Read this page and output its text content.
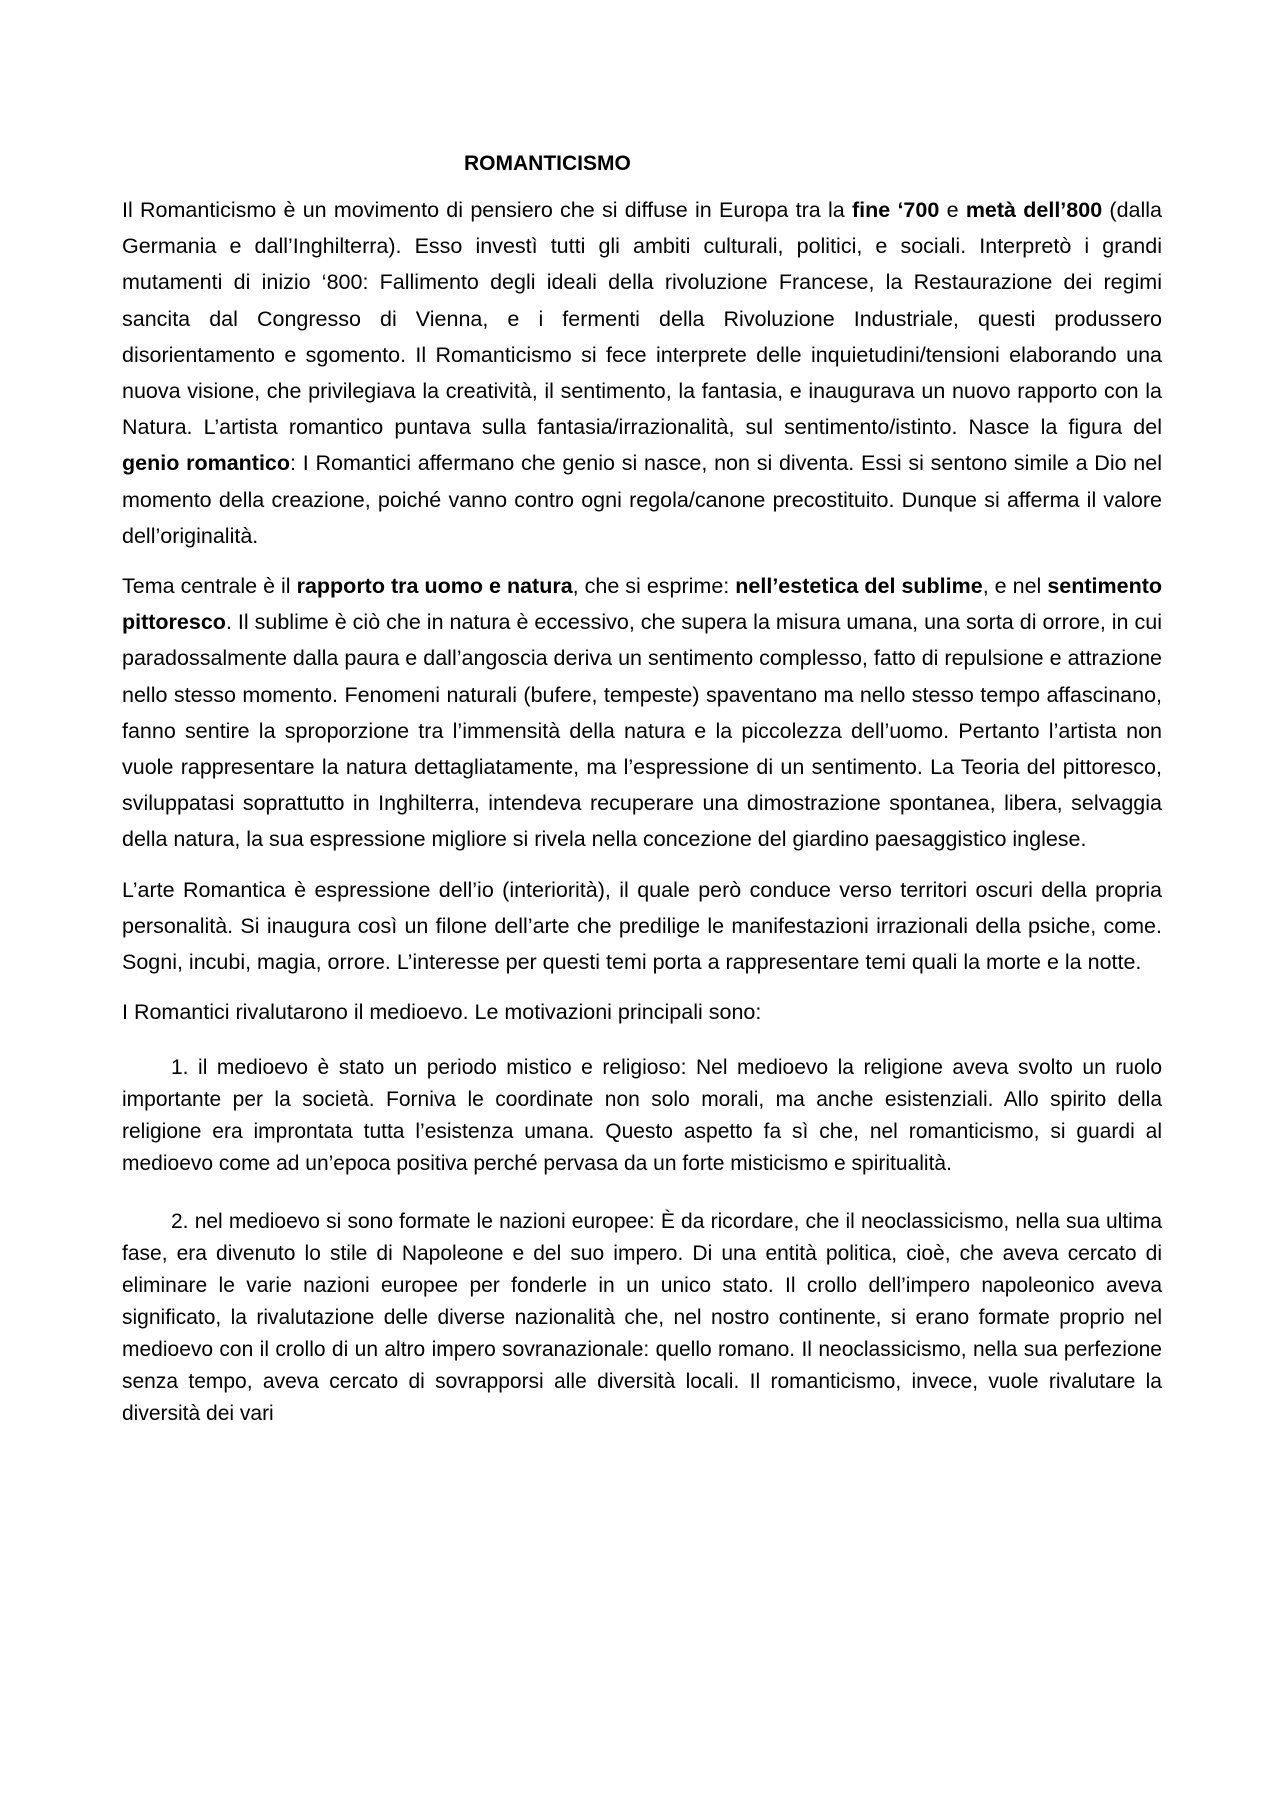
ROMANTICISMO

Il Romanticismo è un movimento di pensiero che si diffuse in Europa tra la fine ‘700 e metà dell’800 (dalla Germania e dall’Inghilterra). Esso investì tutti gli ambiti culturali, politici, e sociali. Interpretò i grandi mutamenti di inizio ‘800: Fallimento degli ideali della rivoluzione Francese, la Restaurazione dei regimi sancita dal Congresso di Vienna, e i fermenti della Rivoluzione Industriale, questi produssero disorientamento e sgomento. Il Romanticismo si fece interprete delle inquietudini/tensioni elaborando una nuova visione, che privilegiava la creatività, il sentimento, la fantasia, e inaugurava un nuovo rapporto con la Natura. L’artista romantico puntava sulla fantasia/irrazionalità, sul sentimento/istinto. Nasce la figura del genio romantico: I Romantici affermano che genio si nasce, non si diventa. Essi si sentono simile a Dio nel momento della creazione, poiché vanno contro ogni regola/canone precostituito. Dunque si afferma il valore dell’originalità.

Tema centrale è il rapporto tra uomo e natura, che si esprime: nell’estetica del sublime, e nel sentimento pittoresco. Il sublime è ciò che in natura è eccessivo, che supera la misura umana, una sorta di orrore, in cui paradossalmente dalla paura e dall’angoscia deriva un sentimento complesso, fatto di repulsione e attrazione nello stesso momento. Fenomeni naturali (bufere, tempeste) spaventano ma nello stesso tempo affascinano, fanno sentire la sproporzione tra l’immensità della natura e la piccolezza dell’uomo. Pertanto l’artista non vuole rappresentare la natura dettagliatamente, ma l’espressione di un sentimento. La Teoria del pittoresco, sviluppatasi soprattutto in Inghilterra, intendeva recuperare una dimostrazione spontanea, libera, selvaggia della natura, la sua espressione migliore si rivela nella concezione del giardino paesaggistico inglese.

L’arte Romantica è espressione dell’io (interiorità), il quale però conduce verso territori oscuri della propria personalità. Si inaugura così un filone dell’arte che predilige le manifestazioni irrazionali della psiche, come. Sogni, incubi, magia, orrore. L’interesse per questi temi porta a rappresentare temi quali la morte e la notte.

I Romantici rivalutarono il medioevo. Le motivazioni principali sono:

1. il medioevo è stato un periodo mistico e religioso: Nel medioevo la religione aveva svolto un ruolo importante per la società. Forniva le coordinate non solo morali, ma anche esistenziali. Allo spirito della religione era improntata tutta l’esistenza umana. Questo aspetto fa sì che, nel romanticismo, si guardi al medioevo come ad un’epoca positiva perché pervasa da un forte misticismo e spiritualità.

2. nel medioevo si sono formate le nazioni europee: È da ricordare, che il neoclassicismo, nella sua ultima fase, era divenuto lo stile di Napoleone e del suo impero. Di una entità politica, cioè, che aveva cercato di eliminare le varie nazioni europee per fonderle in un unico stato. Il crollo dell’impero napoleonico aveva significato, la rivalutazione delle diverse nazionalità che, nel nostro continente, si erano formate proprio nel medioevo con il crollo di un altro impero sovranazionale: quello romano. Il neoclassicismo, nella sua perfezione senza tempo, aveva cercato di sovrapporsi alle diversità locali. Il romanticismo, invece, vuole rivalutare la diversità dei vari
